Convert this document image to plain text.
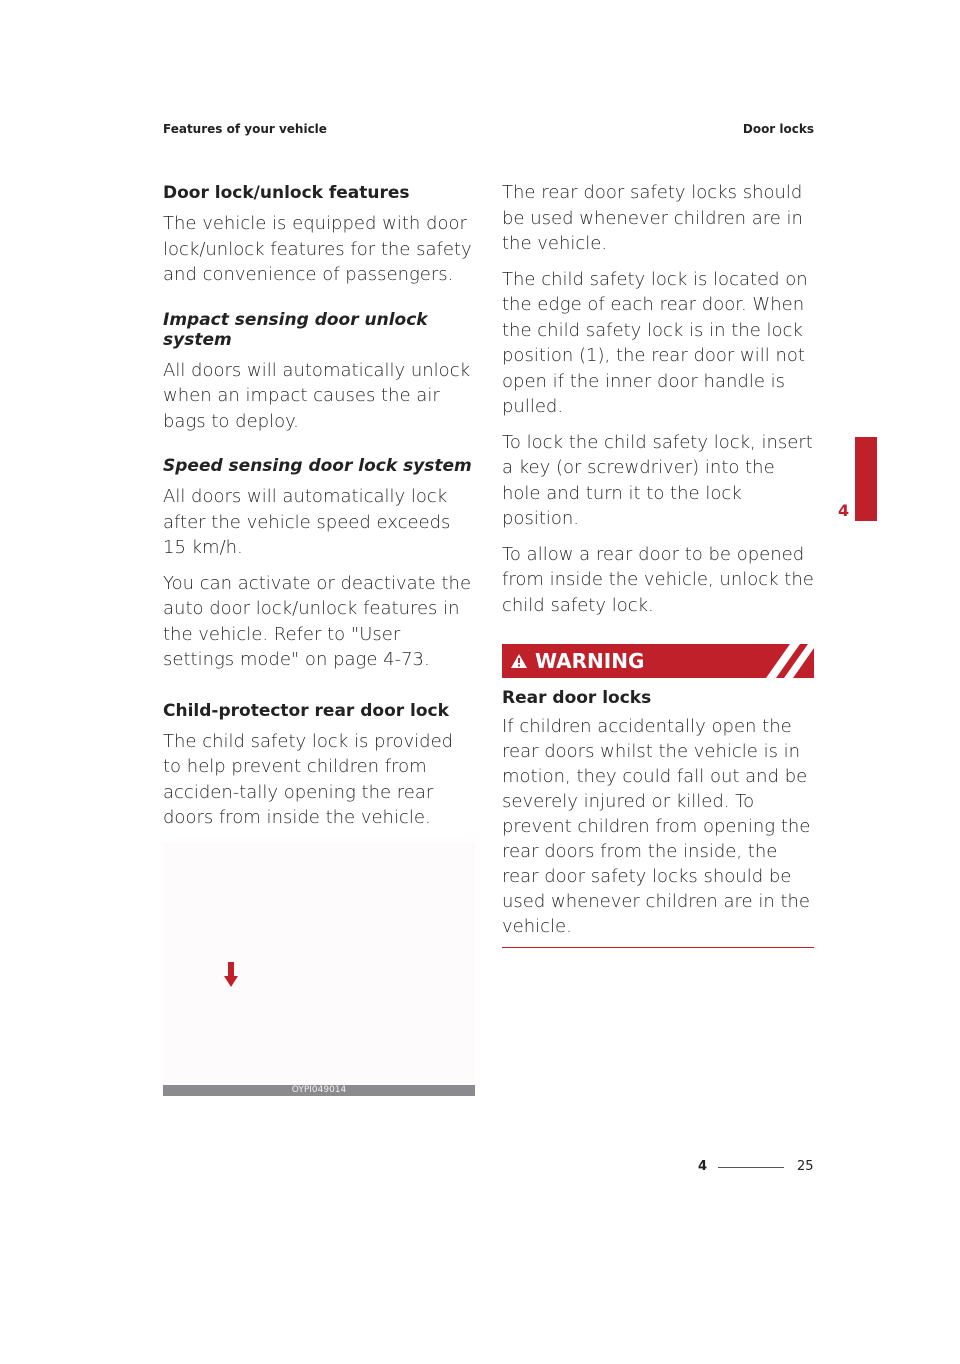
Features of your vehicle	Door locks
Door lock/unlock features

The vehicle is equipped with door lock/unlock features for the safety and convenience of passengers.

Impact sensing door unlock system

All doors will automatically unlock when an impact causes the air bags to deploy.

Speed sensing door lock system

All doors will automatically lock after the vehicle speed exceeds 15 km/h.

You can activate or deactivate the auto door lock/unlock features in the vehicle. Refer to "User settings mode" on page 4-73.

Child-protector rear door lock

The child safety lock is provided to help prevent children from acciden-tally opening the rear doors from inside the vehicle.

OYPI049014

The rear door safety locks should be used whenever children are in the vehicle.

The child safety lock is located on the edge of each rear door. When the child safety lock is in the lock position (1), the rear door will not open if the inner door handle is pulled.

To lock the child safety lock, insert a key (or screwdriver) into the hole and turn it to the lock position.

To allow a rear door to be opened from inside the vehicle, unlock the child safety lock.

WARNING
Rear door locks

If children accidentally open the rear doors whilst the vehicle is in motion, they could fall out and be severely injured or killed. To prevent children from opening the rear doors from the inside, the rear door safety locks should be used whenever children are in the vehicle.

4
4	25
